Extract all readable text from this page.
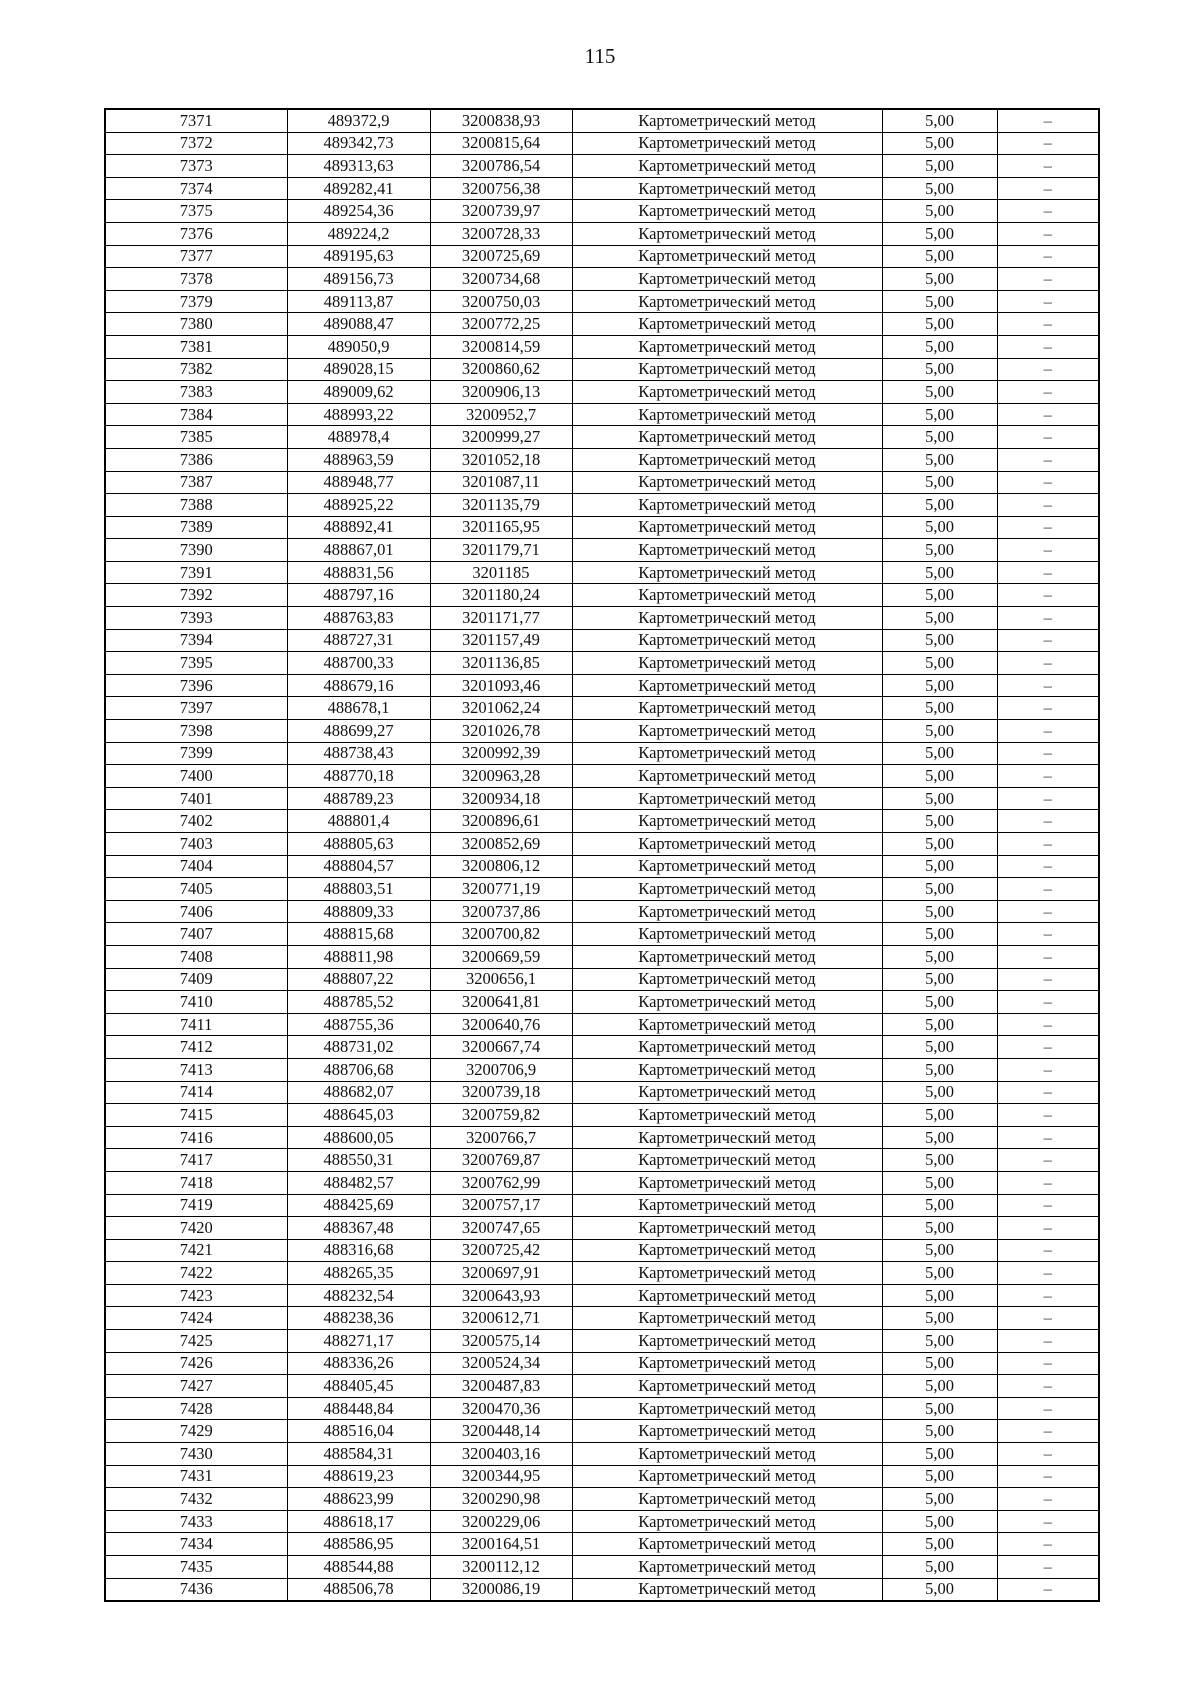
115
7371	489372,9	3200838,93	Картометрический метод	5,00	–
7372	489342,73	3200815,64	Картометрический метод	5,00	–
7373	489313,63	3200786,54	Картометрический метод	5,00	–
7374	489282,41	3200756,38	Картометрический метод	5,00	–
7375	489254,36	3200739,97	Картометрический метод	5,00	–
7376	489224,2	3200728,33	Картометрический метод	5,00	–
7377	489195,63	3200725,69	Картометрический метод	5,00	–
7378	489156,73	3200734,68	Картометрический метод	5,00	–
7379	489113,87	3200750,03	Картометрический метод	5,00	–
7380	489088,47	3200772,25	Картометрический метод	5,00	–
7381	489050,9	3200814,59	Картометрический метод	5,00	–
7382	489028,15	3200860,62	Картометрический метод	5,00	–
7383	489009,62	3200906,13	Картометрический метод	5,00	–
7384	488993,22	3200952,7	Картометрический метод	5,00	–
7385	488978,4	3200999,27	Картометрический метод	5,00	–
7386	488963,59	3201052,18	Картометрический метод	5,00	–
7387	488948,77	3201087,11	Картометрический метод	5,00	–
7388	488925,22	3201135,79	Картометрический метод	5,00	–
7389	488892,41	3201165,95	Картометрический метод	5,00	–
7390	488867,01	3201179,71	Картометрический метод	5,00	–
7391	488831,56	3201185	Картометрический метод	5,00	–
7392	488797,16	3201180,24	Картометрический метод	5,00	–
7393	488763,83	3201171,77	Картометрический метод	5,00	–
7394	488727,31	3201157,49	Картометрический метод	5,00	–
7395	488700,33	3201136,85	Картометрический метод	5,00	–
7396	488679,16	3201093,46	Картометрический метод	5,00	–
7397	488678,1	3201062,24	Картометрический метод	5,00	–
7398	488699,27	3201026,78	Картометрический метод	5,00	–
7399	488738,43	3200992,39	Картометрический метод	5,00	–
7400	488770,18	3200963,28	Картометрический метод	5,00	–
7401	488789,23	3200934,18	Картометрический метод	5,00	–
7402	488801,4	3200896,61	Картометрический метод	5,00	–
7403	488805,63	3200852,69	Картометрический метод	5,00	–
7404	488804,57	3200806,12	Картометрический метод	5,00	–
7405	488803,51	3200771,19	Картометрический метод	5,00	–
7406	488809,33	3200737,86	Картометрический метод	5,00	–
7407	488815,68	3200700,82	Картометрический метод	5,00	–
7408	488811,98	3200669,59	Картометрический метод	5,00	–
7409	488807,22	3200656,1	Картометрический метод	5,00	–
7410	488785,52	3200641,81	Картометрический метод	5,00	–
7411	488755,36	3200640,76	Картометрический метод	5,00	–
7412	488731,02	3200667,74	Картометрический метод	5,00	–
7413	488706,68	3200706,9	Картометрический метод	5,00	–
7414	488682,07	3200739,18	Картометрический метод	5,00	–
7415	488645,03	3200759,82	Картометрический метод	5,00	–
7416	488600,05	3200766,7	Картометрический метод	5,00	–
7417	488550,31	3200769,87	Картометрический метод	5,00	–
7418	488482,57	3200762,99	Картометрический метод	5,00	–
7419	488425,69	3200757,17	Картометрический метод	5,00	–
7420	488367,48	3200747,65	Картометрический метод	5,00	–
7421	488316,68	3200725,42	Картометрический метод	5,00	–
7422	488265,35	3200697,91	Картометрический метод	5,00	–
7423	488232,54	3200643,93	Картометрический метод	5,00	–
7424	488238,36	3200612,71	Картометрический метод	5,00	–
7425	488271,17	3200575,14	Картометрический метод	5,00	–
7426	488336,26	3200524,34	Картометрический метод	5,00	–
7427	488405,45	3200487,83	Картометрический метод	5,00	–
7428	488448,84	3200470,36	Картометрический метод	5,00	–
7429	488516,04	3200448,14	Картометрический метод	5,00	–
7430	488584,31	3200403,16	Картометрический метод	5,00	–
7431	488619,23	3200344,95	Картометрический метод	5,00	–
7432	488623,99	3200290,98	Картометрический метод	5,00	–
7433	488618,17	3200229,06	Картометрический метод	5,00	–
7434	488586,95	3200164,51	Картометрический метод	5,00	–
7435	488544,88	3200112,12	Картометрический метод	5,00	–
7436	488506,78	3200086,19	Картометрический метод	5,00	–
